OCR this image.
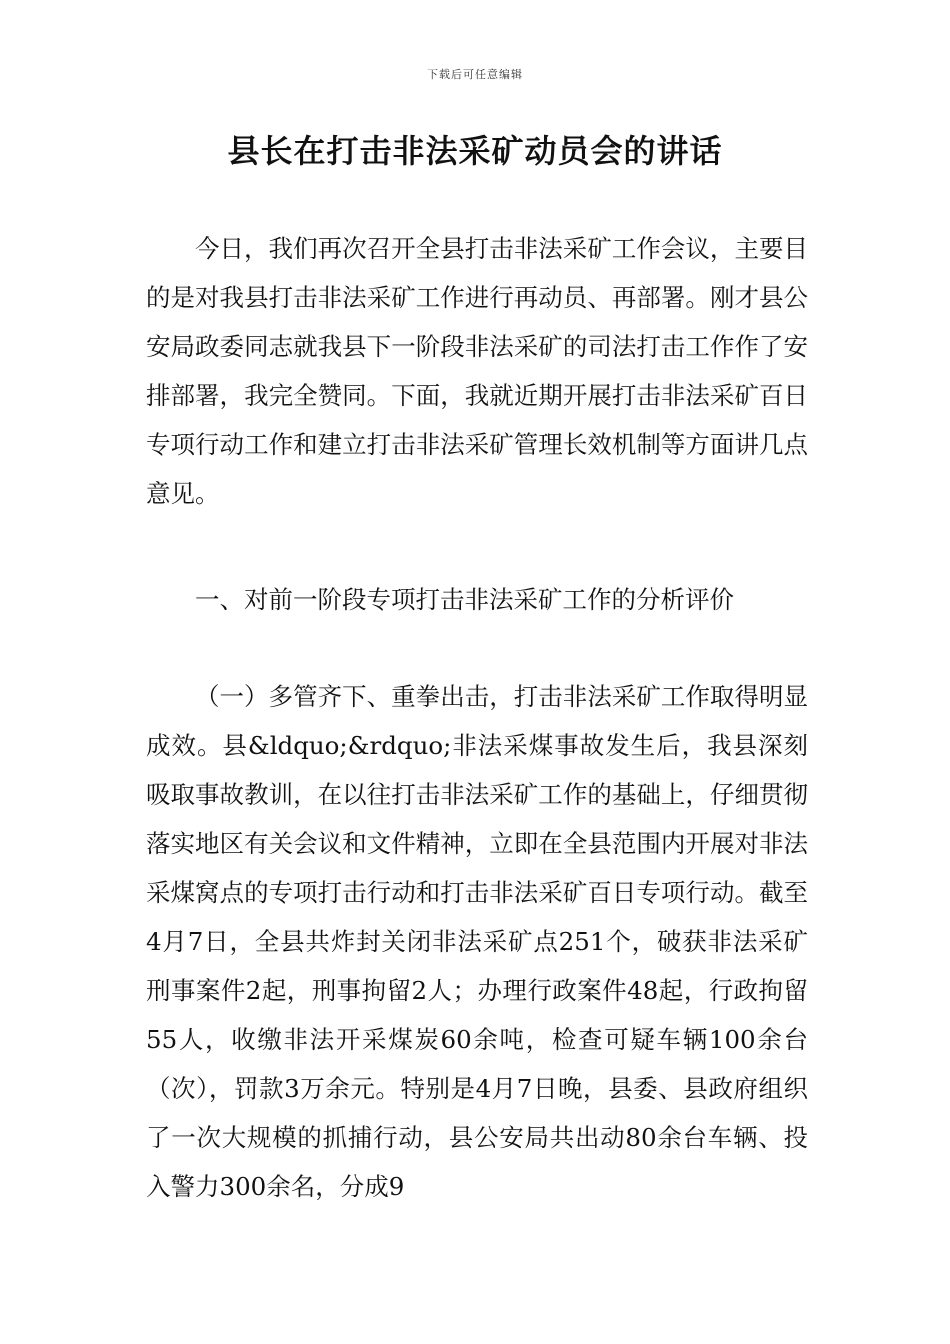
下载后可任意编辑
县长在打击非法采矿动员会的讲话

今日，我们再次召开全县打击非法采矿工作会议，主要目的是对我县打击非法采矿工作进行再动员、再部署。刚才县公安局政委同志就我县下一阶段非法采矿的司法打击工作作了安排部署，我完全赞同。下面，我就近期开展打击非法采矿百日专项行动工作和建立打击非法采矿管理长效机制等方面讲几点意见。

一、对前一阶段专项打击非法采矿工作的分析评价

（一）多管齐下、重拳出击，打击非法采矿工作取得明显成效。县&ldquo;&rdquo;非法采煤事故发生后，我县深刻吸取事故教训，在以往打击非法采矿工作的基础上，仔细贯彻落实地区有关会议和文件精神，立即在全县范围内开展对非法采煤窝点的专项打击行动和打击非法采矿百日专项行动。截至4月7日，全县共炸封关闭非法采矿点251个，破获非法采矿刑事案件2起，刑事拘留2人；办理行政案件48起，行政拘留55人，收缴非法开采煤炭60余吨，检查可疑车辆100余台（次），罚款3万余元。特别是4月7日晚，县委、县政府组织了一次大规模的抓捕行动，县公安局共出动80余台车辆、投入警力300余名，分成9
